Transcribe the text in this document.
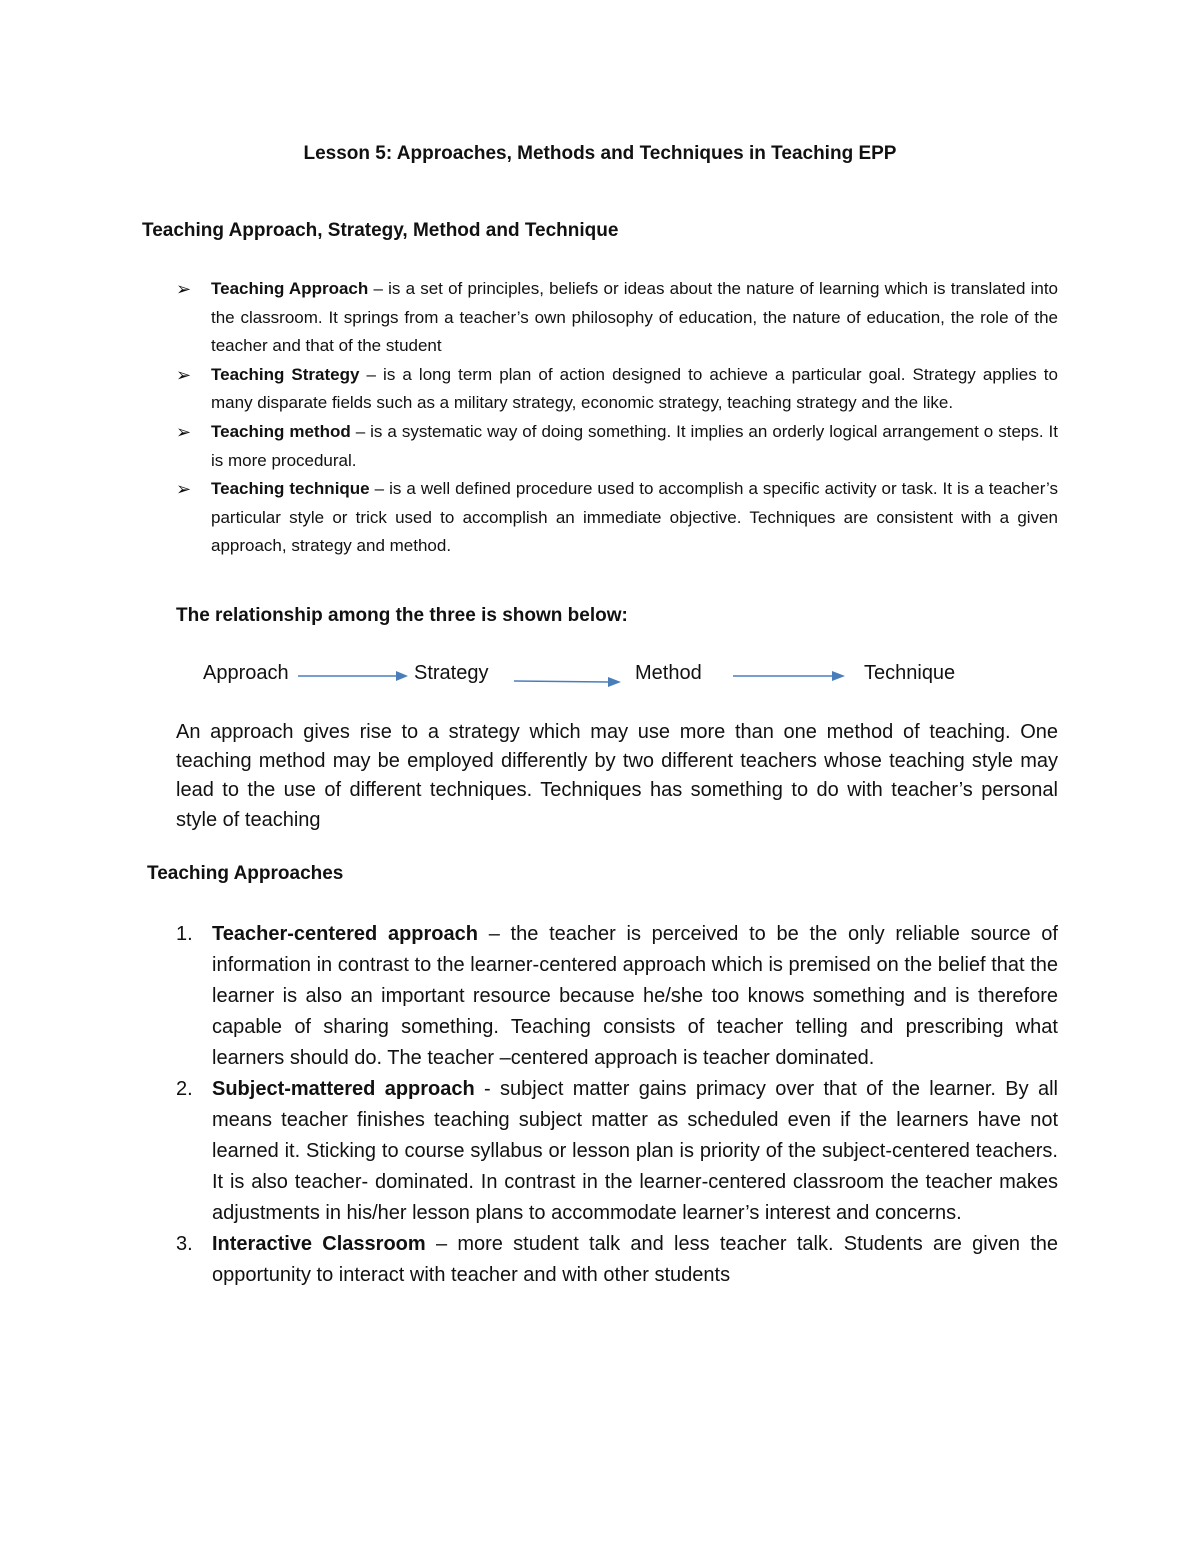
Lesson 5: Approaches, Methods and Techniques in Teaching EPP
Teaching Approach, Strategy, Method and Technique
➢ Teaching Approach – is a set of principles, beliefs or ideas about the nature of learning which is translated into the classroom. It springs from a teacher’s own philosophy of education, the nature of education, the role of the teacher and that of the student
➢ Teaching Strategy – is a long term plan of action designed to achieve a particular goal. Strategy applies to many disparate fields such as a military strategy, economic strategy, teaching strategy and the like.
➢ Teaching method – is a systematic way of doing something. It implies an orderly logical arrangement o steps. It is more procedural.
➢ Teaching technique – is a well defined procedure used to accomplish a specific activity or task. It is a teacher’s particular style or trick used to accomplish an immediate objective. Techniques are consistent with a given approach, strategy and method.
The relationship among the three is shown below:
Approach	Strategy	Method	Technique
An approach gives rise to a strategy which may use more than one method of teaching. One teaching method may be employed differently by two different teachers whose teaching style may lead to the use of different techniques. Techniques has something to do with teacher’s personal style of teaching
Teaching Approaches
1. Teacher-centered approach – the teacher is perceived to be the only reliable source of information in contrast to the learner-centered approach which is premised on the belief that the learner is also an important resource because he/she too knows something and is therefore capable of sharing something. Teaching consists of teacher telling and prescribing what learners should do. The teacher –centered approach is teacher dominated.
2. Subject-mattered approach - subject matter gains primacy over that of the learner. By all means teacher finishes teaching subject matter as scheduled even if the learners have not learned it. Sticking to course syllabus or lesson plan is priority of the subject-centered teachers. It is also teacher- dominated. In contrast in the learner-centered classroom the teacher makes adjustments in his/her lesson plans to accommodate learner’s interest and concerns.
3. Interactive Classroom – more student talk and less teacher talk. Students are given the opportunity to interact with teacher and with other students
